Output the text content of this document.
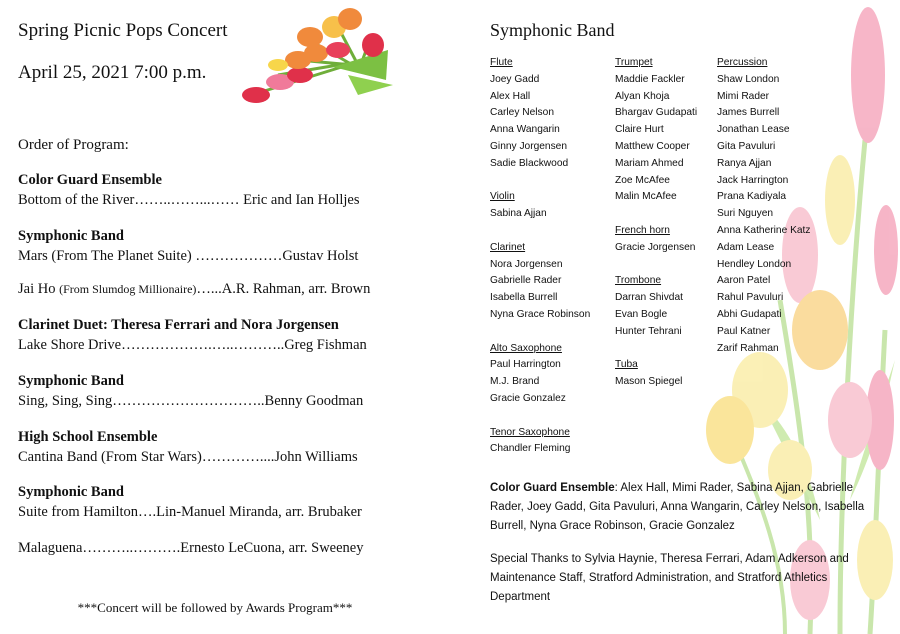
Spring Picnic Pops Concert
April 25, 2021 7:00 p.m.
Order of Program:
Color Guard Ensemble
Bottom of the River……..……...…… Eric and Ian Holljes
Symphonic Band
Mars (From The Planet Suite) ………………Gustav Holst
Jai Ho (From Slumdog Millionaire)…...A.R. Rahman, arr. Brown
Clarinet Duet: Theresa Ferrari and Nora Jorgensen
Lake Shore Drive……………….…..………..Greg Fishman
Symphonic Band
Sing, Sing, Sing…………………………..Benny Goodman
High School Ensemble
Cantina Band (From Star Wars)…………....John Williams
Symphonic Band
Suite from Hamilton….Lin-Manuel Miranda, arr. Brubaker
Malaguena………..……….Ernesto LeCuona, arr. Sweeney
***Concert will be followed by Awards Program***
Symphonic Band
Flute
Joey Gadd
Alex Hall
Carley Nelson
Anna Wangarin
Ginny Jorgensen
Sadie Blackwood
Violin
Sabina Ajjan
Clarinet
Nora Jorgensen
Gabrielle Rader
Isabella Burrell
Nyna Grace Robinson
Alto Saxophone
Paul Harrington
M.J. Brand
Gracie Gonzalez
Tenor Saxophone
Chandler Fleming
Trumpet
Maddie Fackler
Alyan Khoja
Bhargav Gudapati
Claire Hurt
Matthew Cooper
Mariam Ahmed
Zoe McAfee
Malin McAfee
French horn
Gracie Jorgensen
Trombone
Darran Shivdat
Evan Bogle
Hunter Tehrani
Tuba
Mason Spiegel
Percussion
Shaw London
Mimi Rader
James Burrell
Jonathan Lease
Gita Pavuluri
Ranya Ajjan
Jack Harrington
Prana Kadiyala
Suri Nguyen
Anna Katherine Katz
Adam Lease
Hendley London
Aaron Patel
Rahul Pavuluri
Abhi Gudapati
Paul Katner
Zarif Rahman
Color Guard Ensemble: Alex Hall, Mimi Rader, Sabina Ajjan, Gabrielle Rader, Joey Gadd, Gita Pavuluri, Anna Wangarin, Carley Nelson, Isabella Burrell, Nyna Grace Robinson, Gracie Gonzalez
Special Thanks to Sylvia Haynie, Theresa Ferrari, Adam Adkerson and Maintenance Staff, Stratford Administration, and Stratford Athletics Department
